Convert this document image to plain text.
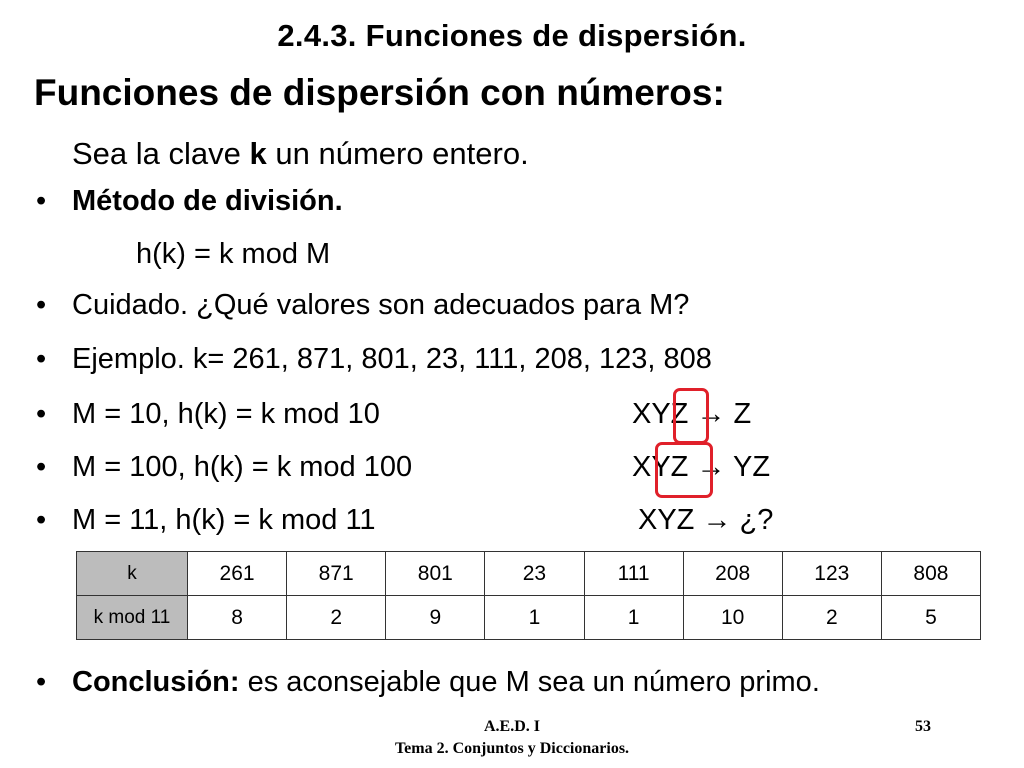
2.4.3. Funciones de dispersión.
Funciones de dispersión con números:
Sea la clave k un número entero.
• Método de división.
h(k) = k mod M
• Cuidado. ¿Qué valores son adecuados para M?
• Ejemplo. k= 261, 871, 801, 23, 111, 208, 123, 808
• M = 10, h(k) = k mod 10	XYZ → Z
• M = 100, h(k) = k mod 100	XYZ → YZ
• M = 11, h(k) = k mod 11	XYZ → ¿?
k	261	871	801	23	111	208	123	808
k mod 11	8	2	9	1	1	10	2	5
• Conclusión: es aconsejable que M sea un número primo.
A.E.D. I
Tema 2. Conjuntos y Diccionarios.
53
